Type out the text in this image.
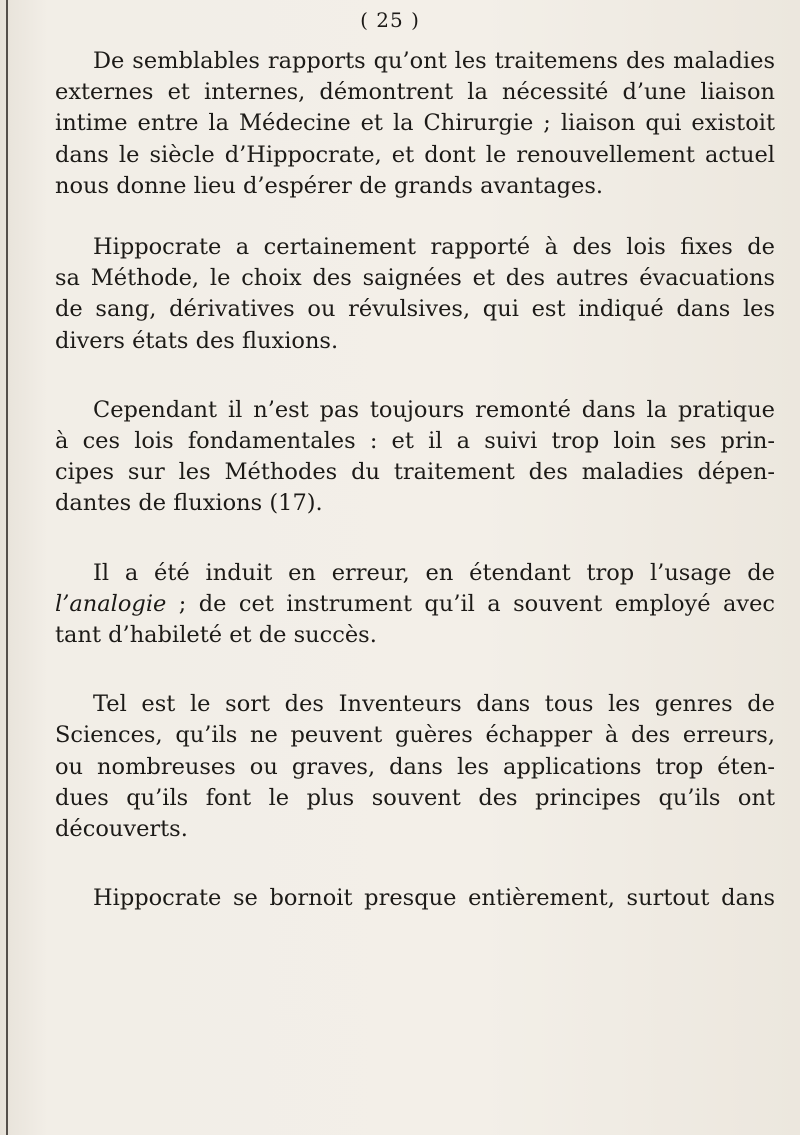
( 25 )

De semblables rapports qu’ont les traitemens des maladies
externes et internes, démontrent la nécessité d’une liaison
intime entre la Médecine et la Chirurgie ; liaison qui existoit
dans le siècle d’Hippocrate, et dont le renouvellement actuel
nous donne lieu d’espérer de grands avantages.

Hippocrate a certainement rapporté à des lois fixes de
sa Méthode, le choix des saignées et des autres évacuations
de sang, dérivatives ou révulsives, qui est indiqué dans les
divers états des fluxions.

Cependant il n’est pas toujours remonté dans la pratique
à ces lois fondamentales : et il a suivi trop loin ses prin-
cipes sur les Méthodes du traitement des maladies dépen-
dantes de fluxions (17).

Il a été induit en erreur, en étendant trop l’usage de
l’analogie ; de cet instrument qu’il a souvent employé avec
tant d’habileté et de succès.

Tel est le sort des Inventeurs dans tous les genres de
Sciences, qu’ils ne peuvent guères échapper à des erreurs,
ou nombreuses ou graves, dans les applications trop éten-
dues qu’ils font le plus souvent des principes qu’ils ont
découverts.

Hippocrate se bornoit presque entièrement, surtout dans
